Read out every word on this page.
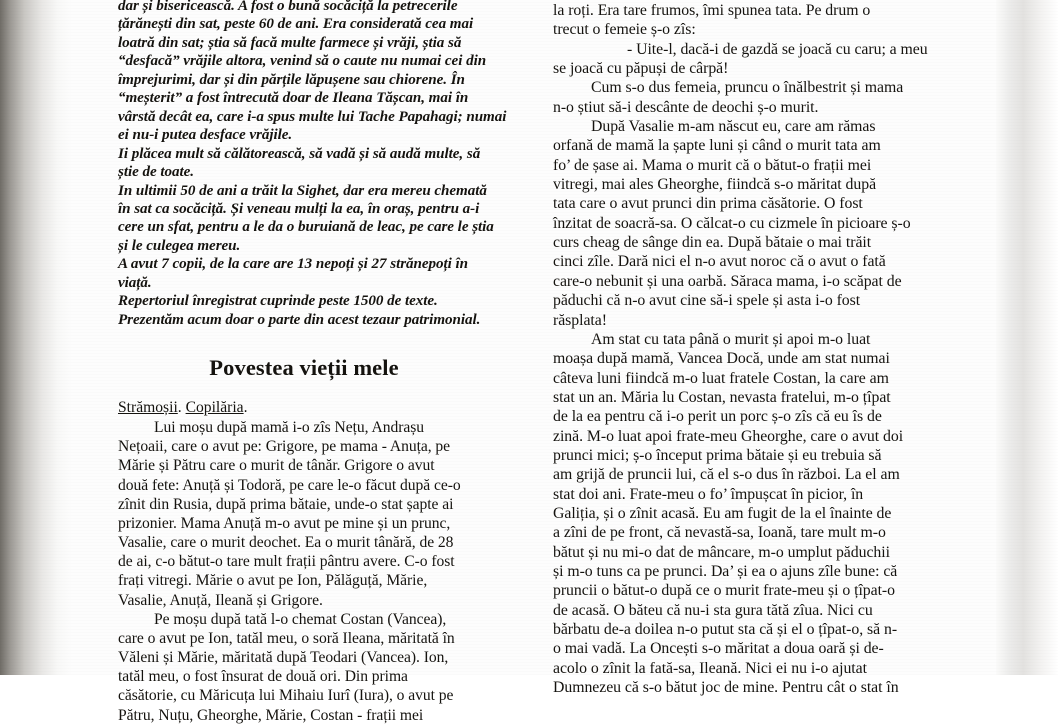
dar și bisericească. A fost o bună socăciță la petrecerile
țărănești din sat, peste 60 de ani. Era considerată cea mai
loatră din sat; știa să facă multe farmece și vrăji, știa să
“desfacă” vrăjile altora, venind să o caute nu numai cei din
împrejurimi, dar și din părțile lăpușene sau chiorene. În
“meșterit” a fost întrecută doar de Ileana Tășcan, mai în
vârstă decât ea, care i-a spus multe lui Tache Papahagi; numai
ei nu-i putea desface vrăjile.
Ii plăcea mult să călătorească, să vadă și să audă multe, să
știe de toate.
In ultimii 50 de ani a trăit la Sighet, dar era mereu chemată
în sat ca socăciță. Și veneau mulți la ea, în oraș, pentru a-i
cere un sfat, pentru a le da o buruiană de leac, pe care le știa
și le culegea mereu.
A avut 7 copii, de la care are 13 nepoți și 27 strănepoți în
viață.
Repertoriul înregistrat cuprinde peste 1500 de texte.
Prezentăm acum doar o parte din acest tezaur patrimonial.
Povestea vieții mele
Strămoșii. Copilăria.
Lui moșu după mamă i-o zîs Nețu, Andrașu
Nețoaii, care o avut pe: Grigore, pe mama - Anuța, pe
Mărie și Pătru care o murit de tânăr. Grigore o avut
două fete: Anuță și Todoră, pe care le-o făcut după ce-o
zînit din Rusia, după prima bătaie, unde-o stat șapte ai
prizonier. Mama Anuță m-o avut pe mine și un prunc,
Vasalie, care o murit deochet. Ea o murit tânără, de 28
de ai, c-o bătut-o tare mult frații pântru avere. C-o fost
frați vitregi. Mărie o avut pe Ion, Pălăguță, Mărie,
Vasalie, Anuță, Ileană și Grigore.
Pe moșu după tată l-o chemat Costan (Vancea),
care o avut pe Ion, tatăl meu, o soră Ileana, măritată în
Văleni și Mărie, măritată după Teodari (Vancea). Ion,
tatăl meu, o fost însurat de două ori. Din prima
căsătorie, cu Măricuța lui Mihaiu Iurî (Iura), o avut pe
Pătru, Nuțu, Gheorghe, Mărie, Costan - frații mei
la roți. Era tare frumos, îmi spunea tata. Pe drum o
trecut o femeie ș-o zîs:
- Uite-l, dacă-i de gazdă se joacă cu caru; a meu
se joacă cu păpuși de cârpă!
Cum s-o dus femeia, pruncu o înălbestrit și mama
n-o știut să-i descânte de deochi ș-o murit.
După Vasalie m-am născut eu, care am rămas
orfană de mamă la șapte luni și când o murit tata am
fo’ de șase ai. Mama o murit că o bătut-o frații mei
vitregi, mai ales Gheorghe, fiindcă s-o măritat după
tata care o avut prunci din prima căsătorie. O fost
înzitat de soacră-sa. O călcat-o cu cizmele în picioare ș-o
curs cheag de sânge din ea. După bătaie o mai trăit
cinci zîle. Dară nici el n-o avut noroc că o avut o fată
care-o nebunit și una oarbă. Săraca mama, i-o scăpat de
păduchi că n-o avut cine să-i spele și asta i-o fost
răsplata!
Am stat cu tata până o murit și apoi m-o luat
moașa după mamă, Vancea Docă, unde am stat numai
câteva luni fiindcă m-o luat fratele Costan, la care am
stat un an. Măria lu Costan, nevasta fratelui, m-o țîpat
de la ea pentru că i-o perit un porc ș-o zîs că eu îs de
zină. M-o luat apoi frate-meu Gheorghe, care o avut doi
prunci mici; ș-o început prima bătaie și eu trebuia să
am grijă de pruncii lui, că el s-o dus în război. La el am
stat doi ani. Frate-meu o fo’ împușcat în picior, în
Galiția, și o zînit acasă. Eu am fugit de la el înainte de
a zîni de pe front, că nevastă-sa, Ioană, tare mult m-o
bătut și nu mi-o dat de mâncare, m-o umplut păduchii
și m-o tuns ca pe prunci. Da’ și ea o ajuns zîle bune: că
pruncii o bătut-o după ce o murit frate-meu și o țîpat-o
de acasă. O băteu că nu-i sta gura tătă zîua. Nici cu
bărbatu de-a doilea n-o putut sta că și el o țîpat-o, să n-
o mai vadă. La Oncești s-o măritat a doua oară și de-
acolo o zînit la fată-sa, Ileană. Nici ei nu i-o ajutat
Dumnezeu că s-o bătut joc de mine. Pentru cât o stat în
